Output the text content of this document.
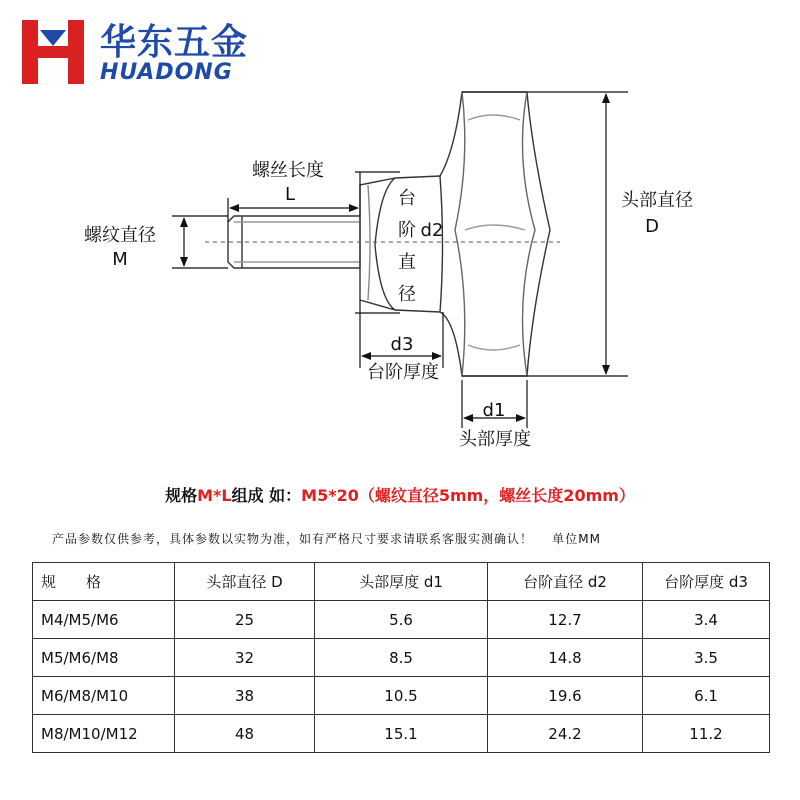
华东五金
HUADONG
螺丝长度
L
螺纹直径
M
台
阶 d2
直
径
d3
台阶厚度
d1
头部厚度
头部直径
D
规格M*L组成 如：M5*20（螺纹直径5mm，螺丝长度20mm）
产品参数仅供参考，具体参数以实物为准，如有严格尺寸要求请联系客服实测确认！ 单位MM
规　　格	头部直径 D	头部厚度 d1	台阶直径 d2	台阶厚度 d3
M4/M5/M6	25	5.6	12.7	3.4
M5/M6/M8	32	8.5	14.8	3.5
M6/M8/M10	38	10.5	19.6	6.1
M8/M10/M12	48	15.1	24.2	11.2
